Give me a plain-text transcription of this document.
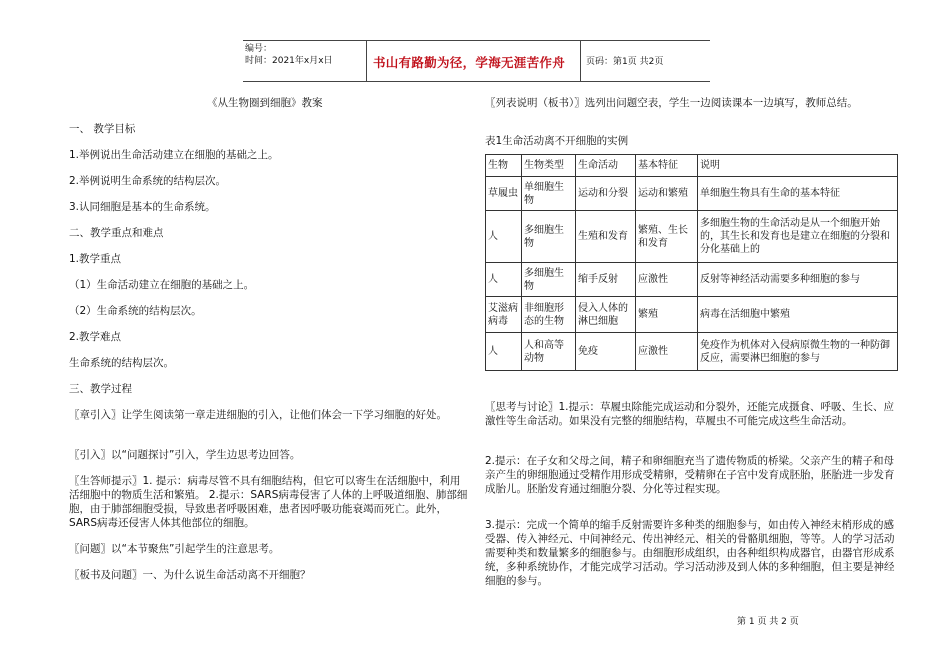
编号：
时间：2021年x月x日	书山有路勤为径，学海无涯苦作舟 页码：第1页 共2页
《从生物圈到细胞》教案
一、 教学目标
1.举例说出生命活动建立在细胞的基础之上。
2.举例说明生命系统的结构层次。
3.认同细胞是基本的生命系统。
二、教学重点和难点
1.教学重点
（1）生命活动建立在细胞的基础之上。
（2）生命系统的结构层次。
2.教学难点
生命系统的结构层次。
三、教学过程
〖章引入〗让学生阅读第一章走进细胞的引入，让他们体会一下学习细胞的好处。
〖引入〗以“问题探讨”引入，学生边思考边回答。
〖生答师提示〗1. 提示：病毒尽管不具有细胞结构，但它可以寄生在活细胞中，利用活细胞中的物质生活和繁殖。 2.提示：SARS病毒侵害了人体的上呼吸道细胞、肺部细胞，由于肺部细胞受损，导致患者呼吸困难，患者因呼吸功能衰竭而死亡。此外，SARS病毒还侵害人体其他部位的细胞。
〖问题〗以“本节聚焦”引起学生的注意思考。
〖板书及问题〗一、为什么说生命活动离不开细胞？
〖列表说明（板书）〗选列出问题空表，学生一边阅读课本一边填写，教师总结。
表1生命活动离不开细胞的实例
生物	生物类型	生命活动	基本特征	说明
草履虫	单细胞生物	运动和分裂	运动和繁殖	单细胞生物具有生命的基本特征
人	多细胞生物	生殖和发育	繁殖、生长和发育	多细胞生物的生命活动是从一个细胞开始的，其生长和发育也是建立在细胞的分裂和分化基础上的
人	多细胞生物	缩手反射	应激性	反射等神经活动需要多种细胞的参与
艾滋病病毒	非细胞形态的生物	侵入人体的淋巴细胞	繁殖	病毒在活细胞中繁殖
人	人和高等动物	免疫	应激性	免疫作为机体对入侵病原微生物的一种防御反应，需要淋巴细胞的参与
〖思考与讨论〗1.提示：草履虫除能完成运动和分裂外，还能完成摄食、呼吸、生长、应激性等生命活动。如果没有完整的细胞结构，草履虫不可能完成这些生命活动。
2.提示：在子女和父母之间，精子和卵细胞充当了遗传物质的桥梁。父亲产生的精子和母亲产生的卵细胞通过受精作用形成受精卵，受精卵在子宫中发育成胚胎，胚胎进一步发育成胎儿。胚胎发育通过细胞分裂、分化等过程实现。
3.提示：完成一个简单的缩手反射需要许多种类的细胞参与，如由传入神经末梢形成的感受器、传入神经元、中间神经元、传出神经元、相关的骨骼肌细胞，等等。人的学习活动需要种类和数量繁多的细胞参与。由细胞形成组织，由各种组织构成器官，由器官形成系统，多种系统协作，才能完成学习活动。学习活动涉及到人体的多种细胞，但主要是神经细胞的参与。
第 1 页 共 2 页
